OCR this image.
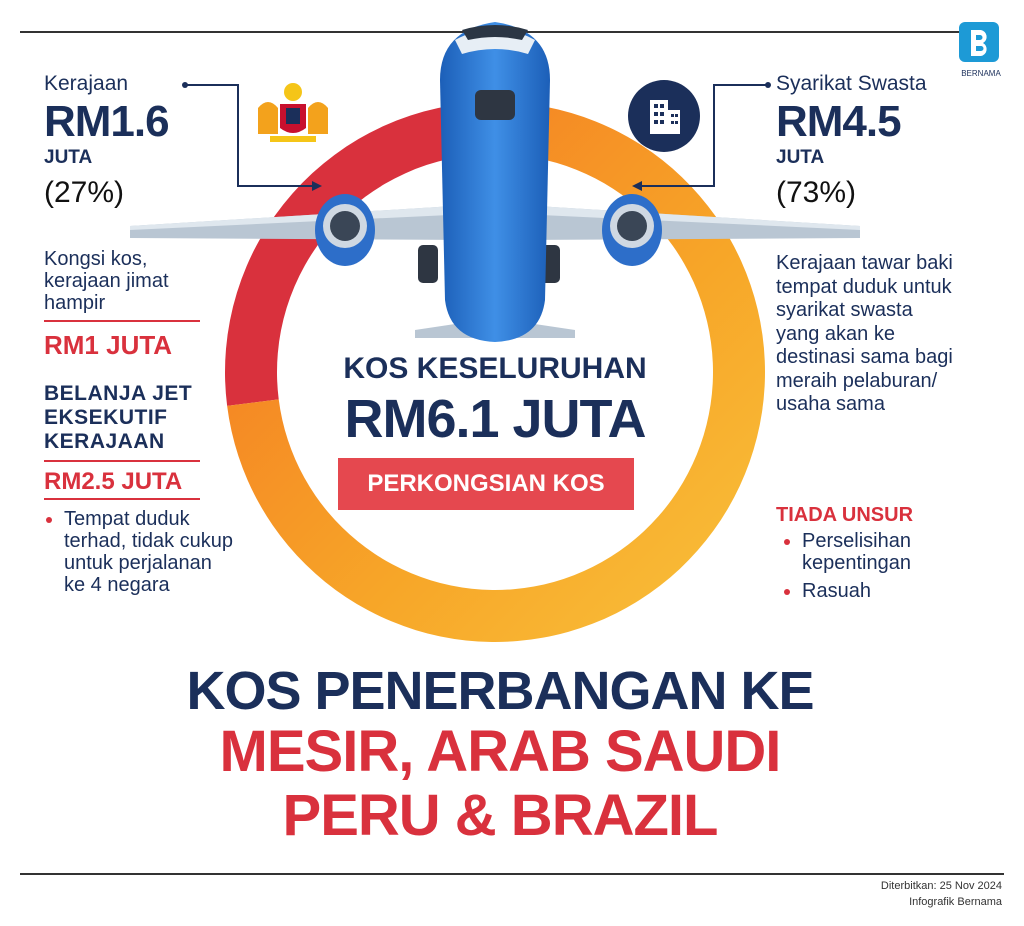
BERNAMA
Kerajaan
RM1.6
JUTA
(27%)
Kongsi kos, kerajaan jimat hampir
RM1 JUTA
BELANJA JET EKSEKUTIF KERAJAAN
RM2.5 JUTA
• Tempat duduk terhad, tidak cukup untuk perjalanan ke 4 negara
Syarikat Swasta
RM4.5
JUTA
(73%)
Kerajaan tawar baki tempat duduk untuk syarikat swasta yang akan ke destinasi sama bagi meraih pelaburan/ usaha sama
TIADA UNSUR
• Perselisihan kepentingan
• Rasuah
KOS KESELURUHAN
RM6.1 JUTA
PERKONGSIAN KOS
KOS PENERBANGAN KE
MESIR, ARAB SAUDI
PERU & BRAZIL
Diterbitkan: 25 Nov 2024
Infografik Bernama
